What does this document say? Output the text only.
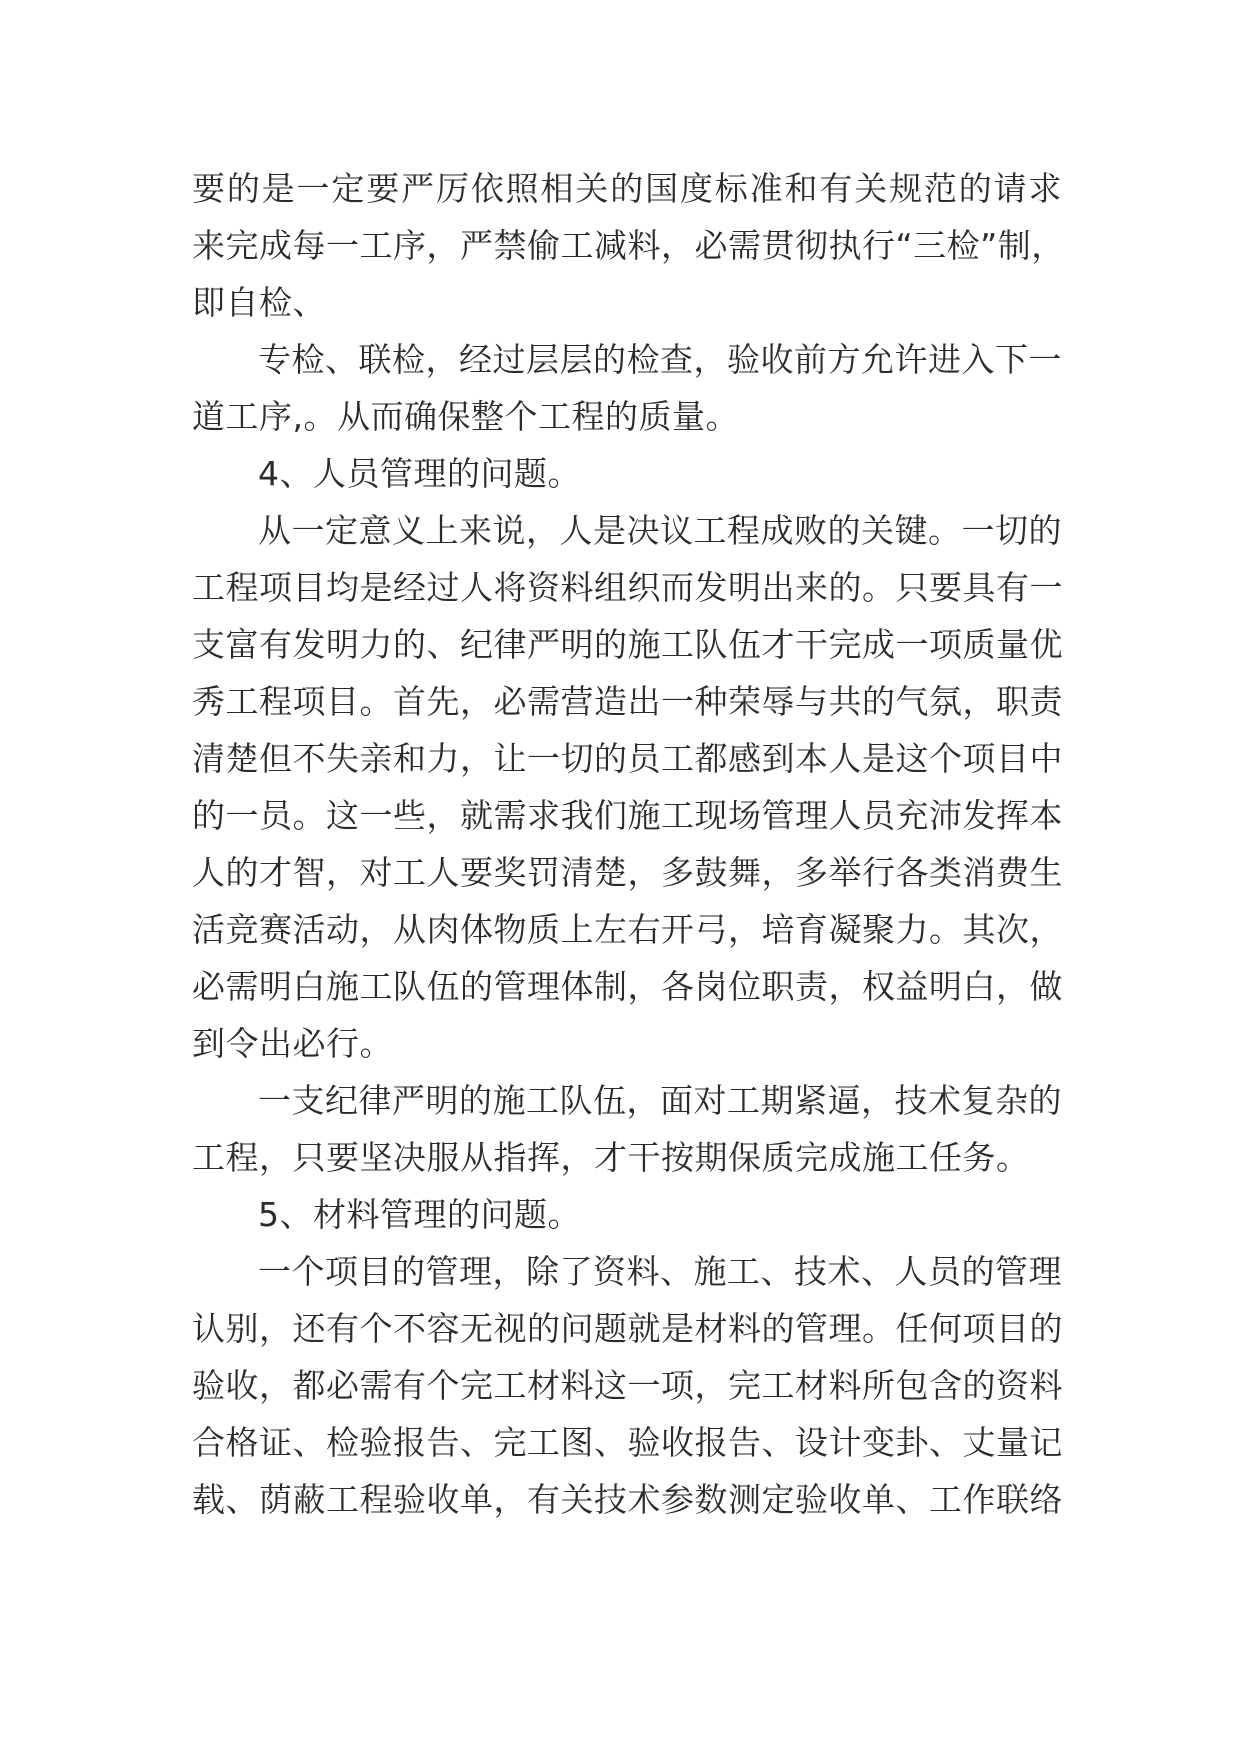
要的是一定要严厉依照相关的国度标准和有关规范的请求
来完成每一工序，严禁偷工减料，必需贯彻执行“三检”制，
即自检、
专检、联检，经过层层的检查，验收前方允许进入下一
道工序,。从而确保整个工程的质量。
4、人员管理的问题。
从一定意义上来说，人是决议工程成败的关键。一切的
工程项目均是经过人将资料组织而发明出来的。只要具有一
支富有发明力的、纪律严明的施工队伍才干完成一项质量优
秀工程项目。首先，必需营造出一种荣辱与共的气氛，职责
清楚但不失亲和力，让一切的员工都感到本人是这个项目中
的一员。这一些，就需求我们施工现场管理人员充沛发挥本
人的才智，对工人要奖罚清楚，多鼓舞，多举行各类消费生
活竞赛活动，从肉体物质上左右开弓，培育凝聚力。其次，
必需明白施工队伍的管理体制，各岗位职责，权益明白，做
到令出必行。
一支纪律严明的施工队伍，面对工期紧逼，技术复杂的
工程，只要坚决服从指挥，才干按期保质完成施工任务。
5、材料管理的问题。
一个项目的管理，除了资料、施工、技术、人员的管理
认别，还有个不容无视的问题就是材料的管理。任何项目的
验收，都必需有个完工材料这一项，完工材料所包含的资料
合格证、检验报告、完工图、验收报告、设计变卦、丈量记
载、荫蔽工程验收单，有关技术参数测定验收单、工作联络
